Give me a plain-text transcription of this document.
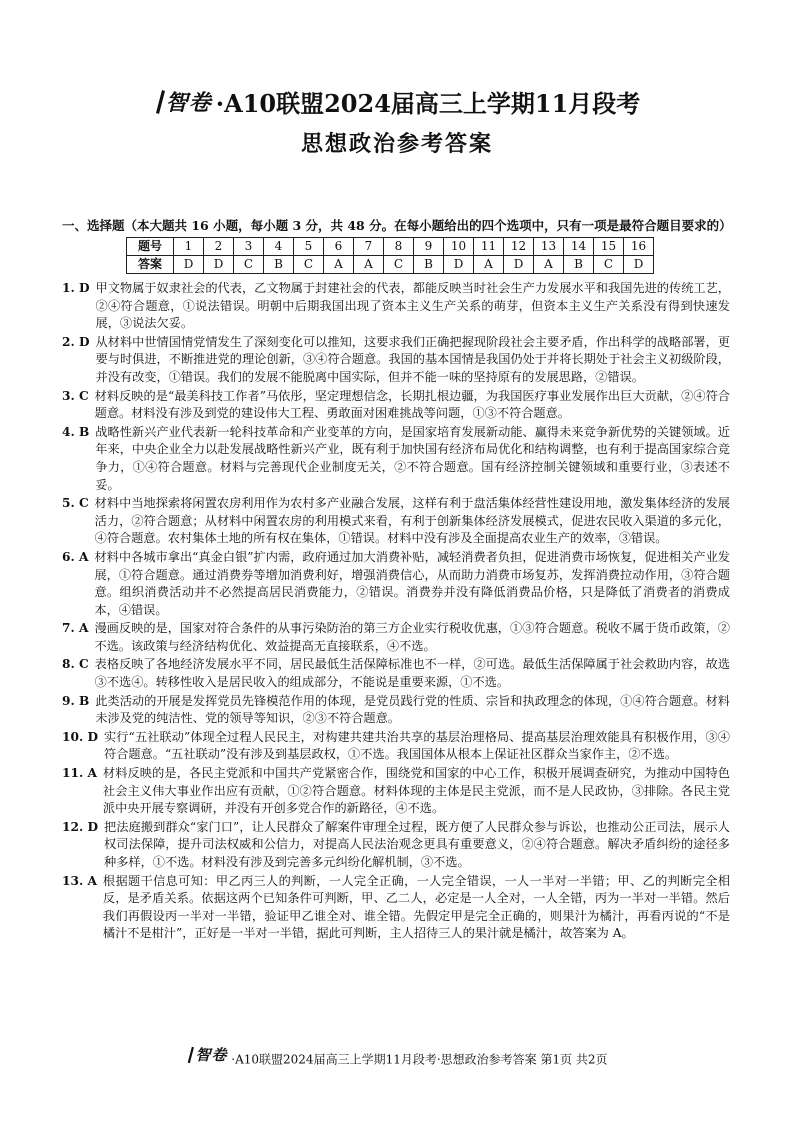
智卷 ·A10联盟2024届高三上学期11月段考
思想政治参考答案

一、选择题（本大题共 16 小题，每小题 3 分，共 48 分。在每小题给出的四个选项中，只有一项是最符合题目要求的）

题号	1	2	3	4	5	6	7	8	9	10	11	12	13	14	15	16
答案	D	D	C	B	C	A	A	C	B	D	A	D	A	B	C	D
1. D 甲文物属于奴隶社会的代表，乙文物属于封建社会的代表，都能反映当时社会生产力发展水平和我国先进的传统工艺，②④符合题意，①说法错误。明朝中后期我国出现了资本主义生产关系的萌芽，但资本主义生产关系没有得到快速发展，③说法欠妥。
2. D 从材料中世情国情党情发生了深刻变化可以推知，这要求我们正确把握现阶段社会主要矛盾，作出科学的战略部署，更要与时俱进，不断推进党的理论创新，③④符合题意。我国的基本国情是我国仍处于并将长期处于社会主义初级阶段，并没有改变，①错误。我们的发展不能脱离中国实际，但并不能一味的坚持原有的发展思路，②错误。
3. C 材料反映的是“最美科技工作者”马依彤，坚定理想信念，长期扎根边疆，为我国医疗事业发展作出巨大贡献，②④符合题意。材料没有涉及到党的建设伟大工程、勇敢面对困难挑战等问题，①③不符合题意。
4. B 战略性新兴产业代表新一轮科技革命和产业变革的方向，是国家培育发展新动能、赢得未来竞争新优势的关键领域。近年来，中央企业全力以赴发展战略性新兴产业，既有利于加快国有经济布局优化和结构调整，也有利于提高国家综合竞争力，①④符合题意。材料与完善现代企业制度无关，②不符合题意。国有经济控制关键领域和重要行业，③表述不妥。
5. C 材料中当地探索将闲置农房利用作为农村多产业融合发展，这样有利于盘活集体经营性建设用地，激发集体经济的发展活力，②符合题意；从材料中闲置农房的利用模式来看，有利于创新集体经济发展模式，促进农民收入渠道的多元化，④符合题意。农村集体土地的所有权在集体，①错误。材料中没有涉及全面提高农业生产的效率，③错误。
6. A 材料中各城市拿出“真金白银”扩内需，政府通过加大消费补贴，减轻消费者负担，促进消费市场恢复，促进相关产业发展，①符合题意。通过消费券等增加消费利好，增强消费信心，从而助力消费市场复苏，发挥消费拉动作用，③符合题意。组织消费活动并不必然提高居民消费能力，②错误。消费券并没有降低消费品价格，只是降低了消费者的消费成本，④错误。
7. A 漫画反映的是，国家对符合条件的从事污染防治的第三方企业实行税收优惠，①③符合题意。税收不属于货币政策，②不选。该政策与经济结构优化、效益提高无直接联系，④不选。
8. C 表格反映了各地经济发展水平不同，居民最低生活保障标准也不一样，②可选。最低生活保障属于社会救助内容，故选③不选④。转移性收入是居民收入的组成部分，不能说是重要来源，①不选。
9. B 此类活动的开展是发挥党员先锋模范作用的体现，是党员践行党的性质、宗旨和执政理念的体现，①④符合题意。材料未涉及党的纯洁性、党的领导等知识，②③不符合题意。
10. D 实行“五社联动”体现全过程人民民主，对构建共建共治共享的基层治理格局、提高基层治理效能具有积极作用，③④符合题意。“五社联动”没有涉及到基层政权，①不选。我国国体从根本上保证社区群众当家作主，②不选。
11. A 材料反映的是，各民主党派和中国共产党紧密合作，围绕党和国家的中心工作，积极开展调查研究，为推动中国特色社会主义伟大事业作出应有贡献，①②符合题意。材料体现的主体是民主党派，而不是人民政协，③排除。各民主党派中央开展专察调研，并没有开创多党合作的新路径，④不选。
12. D 把法庭搬到群众“家门口”，让人民群众了解案件审理全过程，既方便了人民群众参与诉讼，也推动公正司法，展示人权司法保障，提升司法权威和公信力，对提高人民法治观念更具有重要意义，②④符合题意。解决矛盾纠纷的途径多种多样，①不选。材料没有涉及到完善多元纠纷化解机制，③不选。
13. A 根据题干信息可知：甲乙丙三人的判断，一人完全正确，一人完全错误，一人一半对一半错；甲、乙的判断完全相反，是矛盾关系。依据这两个已知条件可判断，甲、乙二人，必定是一人全对，一人全错，丙为一半对一半错。然后我们再假设丙一半对一半错，验证甲乙谁全对、谁全错。先假定甲是完全正确的，则果汁为橘汁，再看丙说的“不是橘汁不是柑汁”，正好是一半对一半错，据此可判断，主人招待三人的果汁就是橘汁，故答案为 A。
智卷 ·A10联盟2024届高三上学期11月段考·思想政治参考答案 第1页 共2页
